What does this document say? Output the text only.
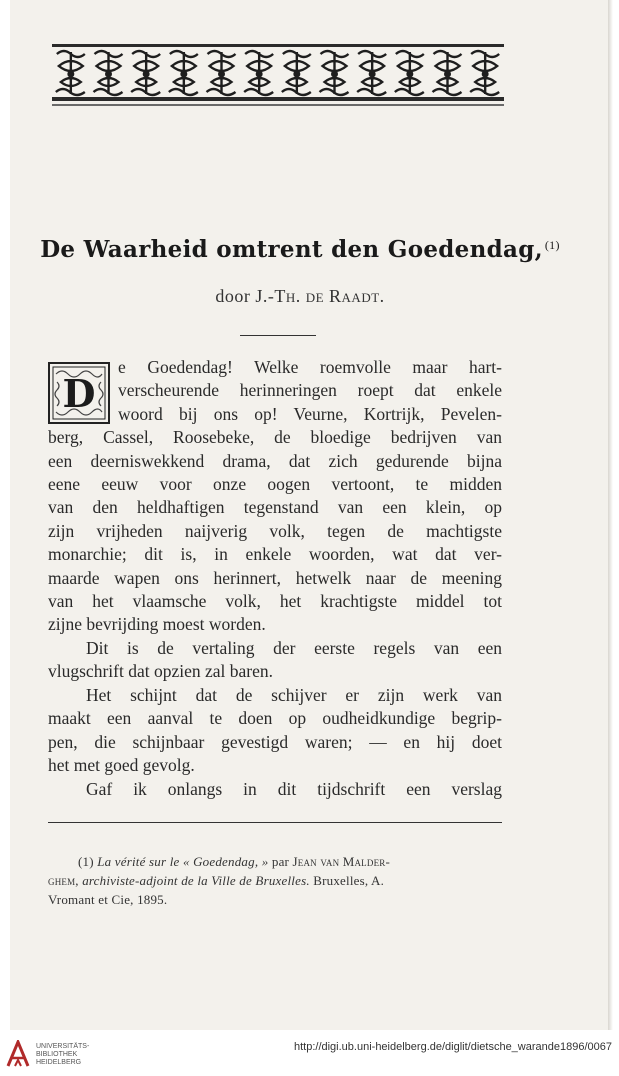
De Waarheid omtrent den Goedendag, $^{(1)}$
door J.-Th. de Raadt.
D
e Goedendag! Welke roemvolle maar hart-
verscheurende herinneringen roept dat enkele
woord bij ons op! Veurne, Kortrijk, Pevelen-
berg, Cassel, Roosebeke, de bloedige bedrijven van
een deerniswekkend drama, dat zich gedurende bijna
eene eeuw voor onze oogen vertoont, te midden
van den heldhaftigen tegenstand van een klein, op
zijn vrijheden naijverig volk, tegen de machtigste
monarchie; dit is, in enkele woorden, wat dat ver-
maarde wapen ons herinnert, hetwelk naar de meening
van het vlaamsche volk, het krachtigste middel tot
zijne bevrijding moest worden.
Dit is de vertaling der eerste regels van een
vlugschrift dat opzien zal baren.
Het schijnt dat de schijver er zijn werk van
maakt een aanval te doen op oudheidkundige begrip-
pen, die schijnbaar gevestigd waren; — en hij doet
het met goed gevolg.
Gaf ik onlangs in dit tijdschrift een verslag
(1) La vérité sur le « Goedendag, » par Jean van Malder-
ghem, archiviste-adjoint de la Ville de Bruxelles. Bruxelles, A.
Vromant et Cie, 1895.
UNIVERSITÄTS-
BIBLIOTHEK
HEIDELBERG
http://digi.ub.uni-heidelberg.de/diglit/dietsche_warande1896/0067
